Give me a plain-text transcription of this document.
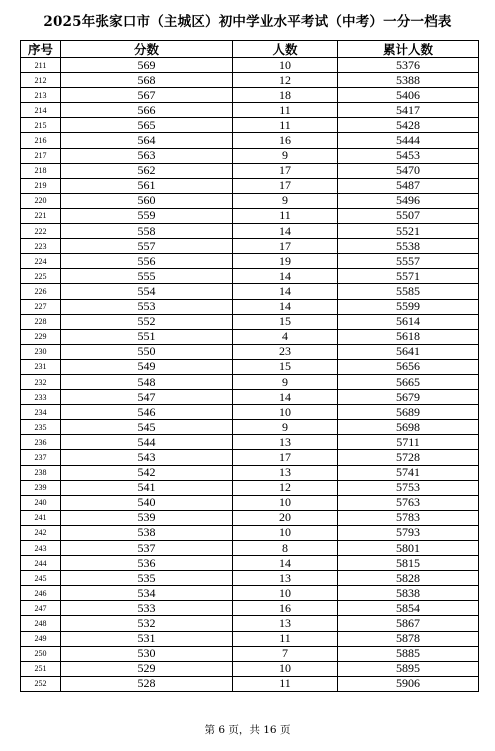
2025年张家口市（主城区）初中学业水平考试（中考）一分一档表
序号	分数	人数	累计人数
211	569	10	5376
212	568	12	5388
213	567	18	5406
214	566	11	5417
215	565	11	5428
216	564	16	5444
217	563	9	5453
218	562	17	5470
219	561	17	5487
220	560	9	5496
221	559	11	5507
222	558	14	5521
223	557	17	5538
224	556	19	5557
225	555	14	5571
226	554	14	5585
227	553	14	5599
228	552	15	5614
229	551	4	5618
230	550	23	5641
231	549	15	5656
232	548	9	5665
233	547	14	5679
234	546	10	5689
235	545	9	5698
236	544	13	5711
237	543	17	5728
238	542	13	5741
239	541	12	5753
240	540	10	5763
241	539	20	5783
242	538	10	5793
243	537	8	5801
244	536	14	5815
245	535	13	5828
246	534	10	5838
247	533	16	5854
248	532	13	5867
249	531	11	5878
250	530	7	5885
251	529	10	5895
252	528	11	5906
第 6 页，共 16 页
